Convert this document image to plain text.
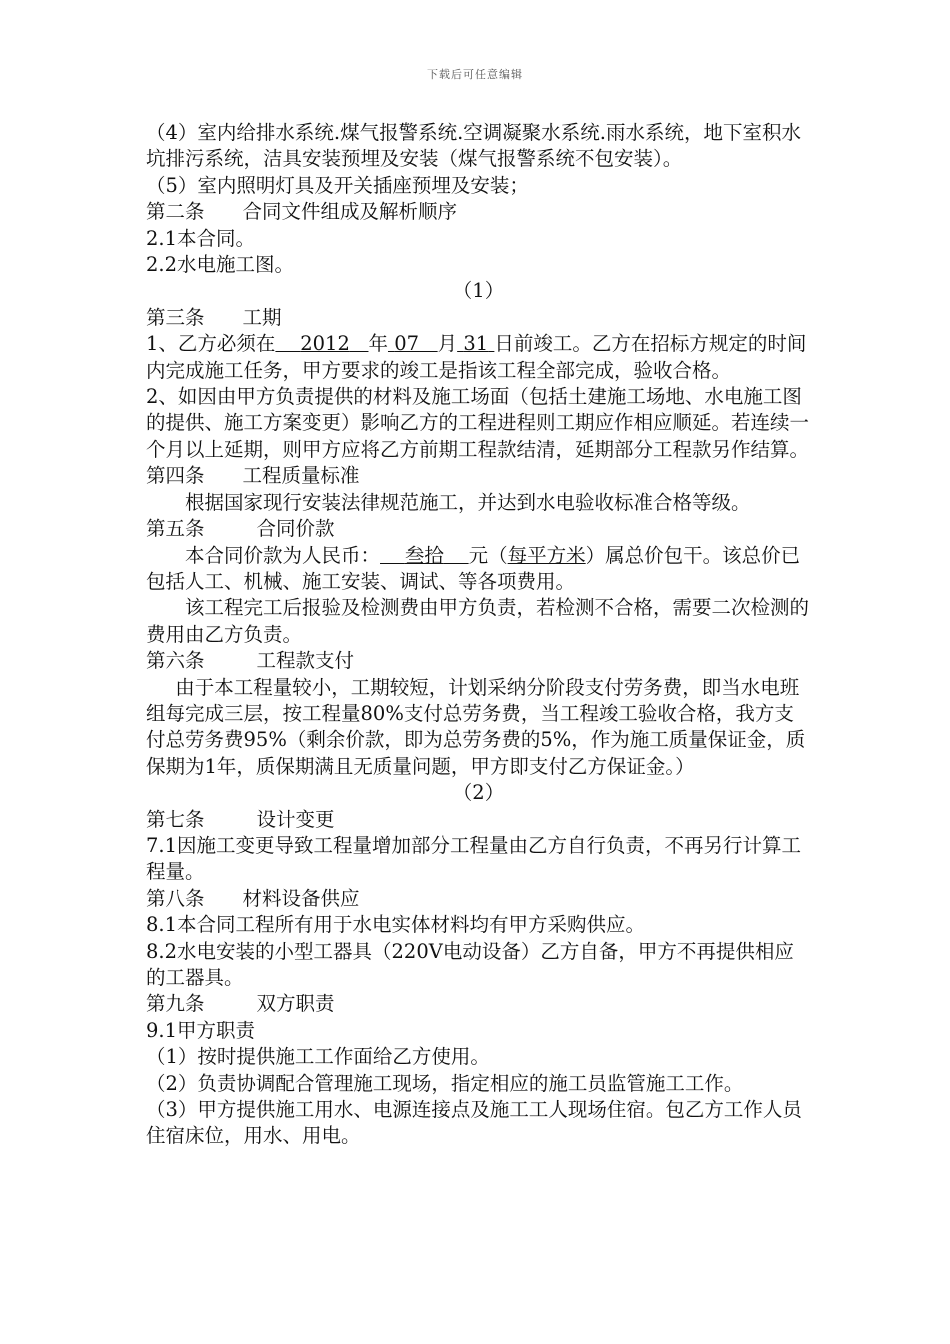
下载后可任意编辑

（4）室内给排水系统.煤气报警系统.空调凝聚水系统.雨水系统，地下室积水坑排污系统，洁具安装预埋及安装（煤气报警系统不包安装）。

（5）室内照明灯具及开关插座预埋及安装；

第二条 合同文件组成及解析顺序

2.1本合同。

2.2水电施工图。

（1）

第三条 工期

1、乙方必须在 2012 年 07 月 31 日前竣工。乙方在招标方规定的时间内完成施工任务，甲方要求的竣工是指该工程全部完成，验收合格。

2、如因由甲方负责提供的材料及施工场面（包括土建施工场地、水电施工图的提供、施工方案变更）影响乙方的工程进程则工期应作相应顺延。若连续一个月以上延期，则甲方应将乙方前期工程款结清，延期部分工程款另作结算。

第四条 工程质量标准

根据国家现行安装法律规范施工，并达到水电验收标准合格等级。

第五条	合同价款

本合同价款为人民币： 叁拾 元（每平方米）属总价包干。该总价已包括人工、机械、施工安装、调试、等各项费用。

该工程完工后报验及检测费由甲方负责，若检测不合格，需要二次检测的费用由乙方负责。

第六条	工程款支付

由于本工程量较小，工期较短，计划采纳分阶段支付劳务费，即当水电班组每完成三层，按工程量80%支付总劳务费，当工程竣工验收合格，我方支付总劳务费95%（剩余价款，即为总劳务费的5%，作为施工质量保证金，质保期为1年，质保期满且无质量问题，甲方即支付乙方保证金。）

（2）

第七条	设计变更

7.1因施工变更导致工程量增加部分工程量由乙方自行负责，不再另行计算工程量。

第八条 材料设备供应

8.1本合同工程所有用于水电实体材料均有甲方采购供应。

8.2水电安装的小型工器具（220V电动设备）乙方自备，甲方不再提供相应的工器具。

第九条	双方职责

9.1甲方职责

（1）按时提供施工工作面给乙方使用。

（2）负责协调配合管理施工现场，指定相应的施工员监管施工工作。

（3）甲方提供施工用水、电源连接点及施工工人现场住宿。包乙方工作人员住宿床位，用水、用电。
